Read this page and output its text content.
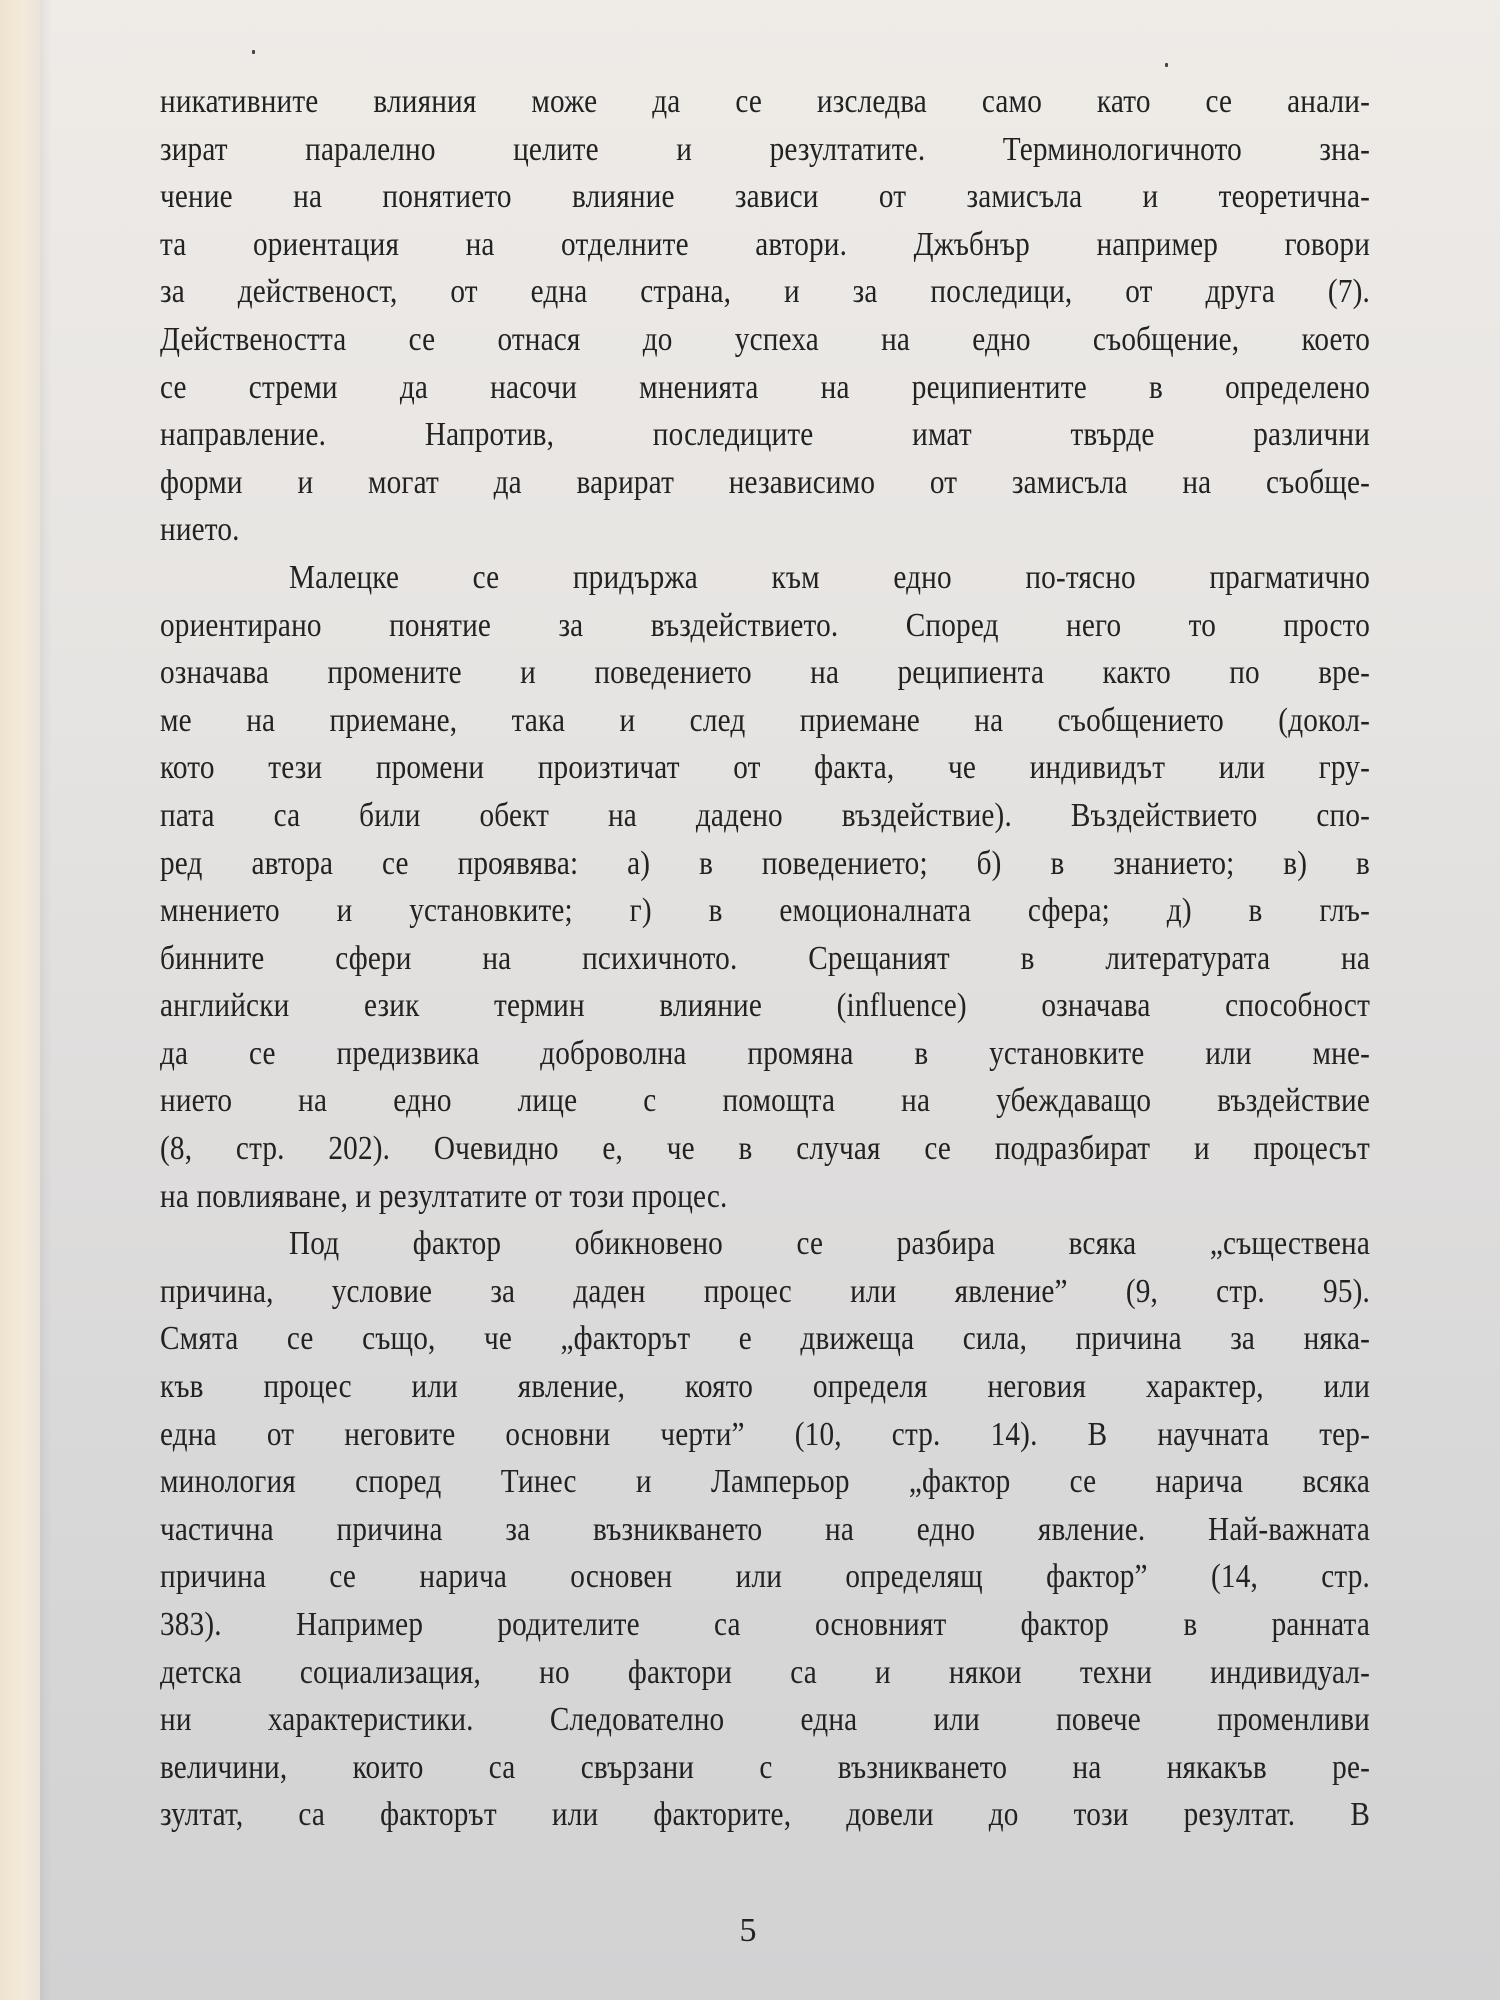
никативните влияния може да се изследва само като се анали-
зират паралелно целите и резултатите. Терминологичното зна-
чение на понятието влияние зависи от замисъла и теоретична-
та ориентация на отделните автори. Джъбнър например говори
за действеност, от една страна, и за последици, от друга (7).
Действеността се отнася до успеха на едно съобщение, което
се стреми да насочи мненията на реципиентите в определено
направление. Напротив, последиците имат твърде различни
форми и могат да варират независимо от замисъла на съобще-
нието.
Малецке се придържа към едно по-тясно прагматично
ориентирано понятие за въздействието. Според него то просто
означава промените и поведението на реципиента както по вре-
ме на приемане, така и след приемане на съобщението (докол-
кото тези промени произтичат от факта, че индивидът или гру-
пата са били обект на дадено въздействие). Въздействието спо-
ред автора се проявява: а) в поведението; б) в знанието; в) в
мнението и установките; г) в емоционалната сфера; д) в глъ-
бинните сфери на психичното. Срещаният в литературата на
английски език термин влияние (influence) означава способност
да се предизвика доброволна промяна в установките или мне-
нието на едно лице с помощта на убеждаващо въздействие
(8, стр. 202). Очевидно е, че в случая се подразбират и процесът
на повлияване, и резултатите от този процес.
Под фактор обикновено се разбира всяка „съществена
причина, условие за даден процес или явление” (9, стр. 95).
Смята се също, че „факторът е движеща сила, причина за няка-
къв процес или явление, която определя неговия характер, или
една от неговите основни черти” (10, стр. 14). В научната тер-
минология според Тинес и Ламперьор „фактор се нарича всяка
частична причина за възникването на едно явление. Най-важната
причина се нарича основен или определящ фактор” (14, стр.
383). Например родителите са основният фактор в ранната
детска социализация, но фактори са и някои техни индивидуал-
ни характеристики. Следователно една или повече променливи
величини, които са свързани с възникването на някакъв ре-
зултат, са факторът или факторите, довели до този резултат. В
5
